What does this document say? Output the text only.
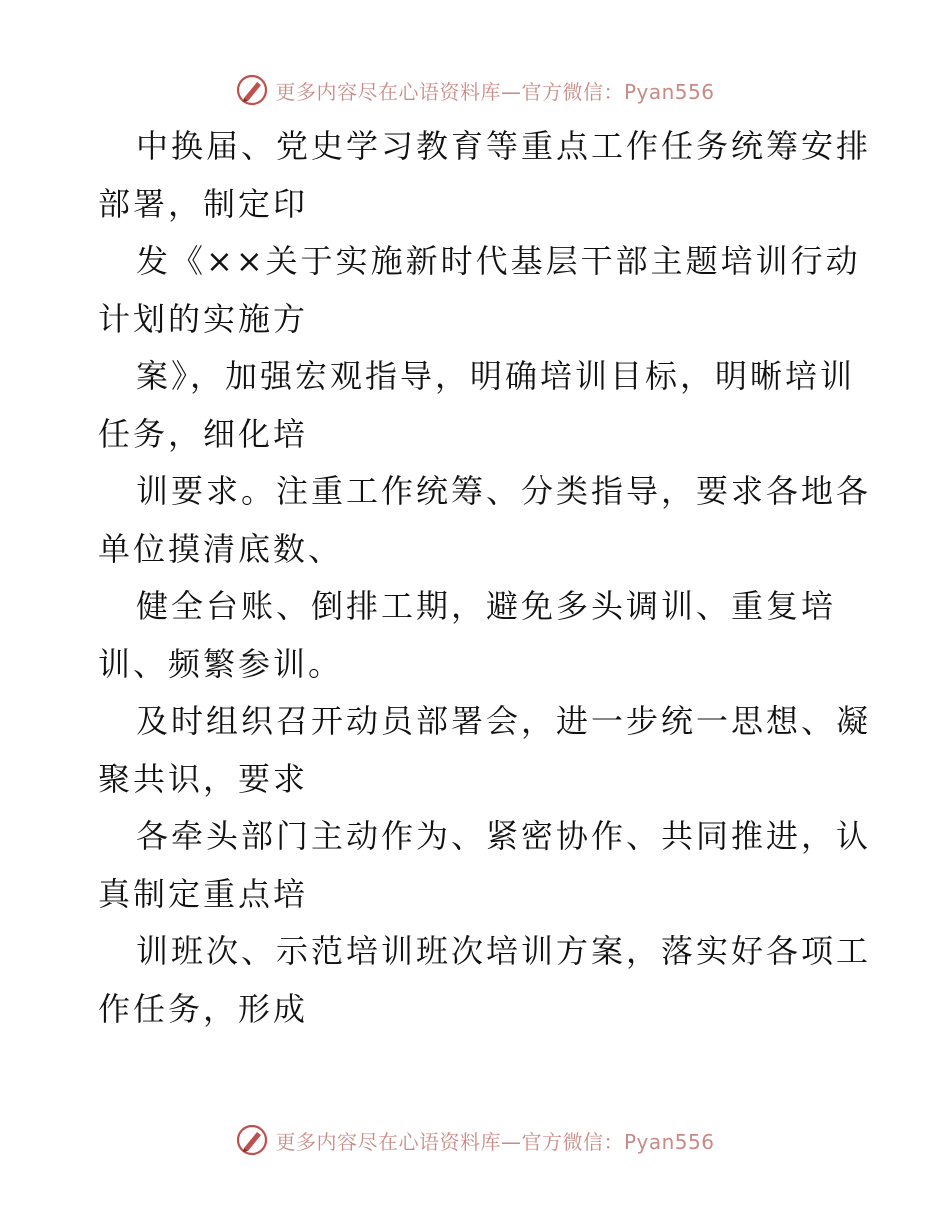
更多内容尽在心语资料库—官方微信：Pyan556
中换届、党史学习教育等重点工作任务统筹安排
部署，制定印
发《××关于实施新时代基层干部主题培训行动
计划的实施方
案》，加强宏观指导，明确培训目标，明晰培训
任务，细化培
训要求。注重工作统筹、分类指导，要求各地各
单位摸清底数、
健全台账、倒排工期，避免多头调训、重复培
训、频繁参训。
及时组织召开动员部署会，进一步统一思想、凝
聚共识，要求
各牵头部门主动作为、紧密协作、共同推进，认
真制定重点培
训班次、示范培训班次培训方案，落实好各项工
作任务，形成
更多内容尽在心语资料库—官方微信：Pyan556
